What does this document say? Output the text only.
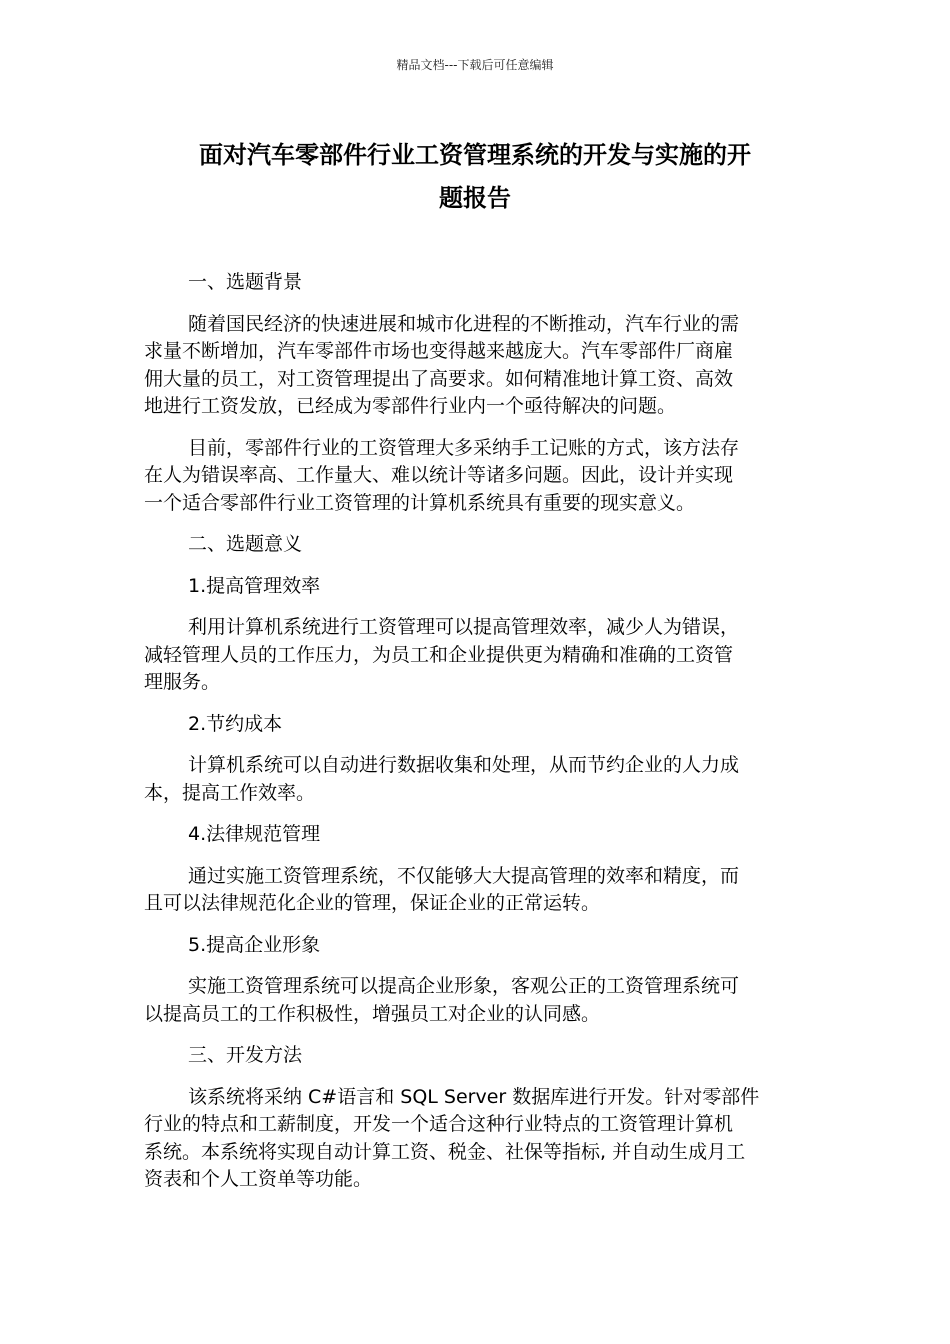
精品文档---下载后可任意编辑
面对汽车零部件行业工资管理系统的开发与实施的开
题报告

一、选题背景

随着国民经济的快速进展和城市化进程的不断推动，汽车行业的需
求量不断增加，汽车零部件市场也变得越来越庞大。汽车零部件厂商雇
佣大量的员工，对工资管理提出了高要求。如何精准地计算工资、高效
地进行工资发放，已经成为零部件行业内一个亟待解决的问题。

目前，零部件行业的工资管理大多采纳手工记账的方式，该方法存
在人为错误率高、工作量大、难以统计等诸多问题。因此，设计并实现
一个适合零部件行业工资管理的计算机系统具有重要的现实意义。

二、选题意义

1.提高管理效率

利用计算机系统进行工资管理可以提高管理效率，减少人为错误，
减轻管理人员的工作压力，为员工和企业提供更为精确和准确的工资管
理服务。

2.节约成本

计算机系统可以自动进行数据收集和处理，从而节约企业的人力成
本，提高工作效率。

4.法律规范管理

通过实施工资管理系统，不仅能够大大提高管理的效率和精度，而
且可以法律规范化企业的管理，保证企业的正常运转。

5.提高企业形象

实施工资管理系统可以提高企业形象，客观公正的工资管理系统可
以提高员工的工作积极性，增强员工对企业的认同感。

三、开发方法

该系统将采纳 C#语言和 SQL Server 数据库进行开发。针对零部件
行业的特点和工薪制度，开发一个适合这种行业特点的工资管理计算机
系统。本系统将实现自动计算工资、税金、社保等指标, 并自动生成月工
资表和个人工资单等功能。
